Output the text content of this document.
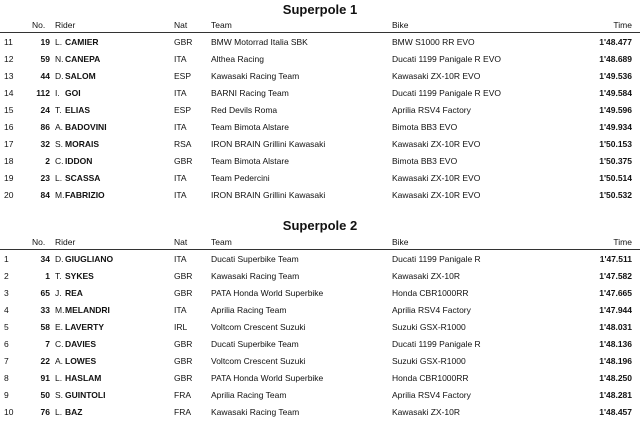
Superpole 1
No.	Rider	Nat	Team	Bike	Time
11	19 L. CAMIER	GBR	BMW Motorrad Italia SBK	BMW S1000 RR EVO	1'48.477
12	59 N. CANEPA	ITA	Althea Racing	Ducati 1199 Panigale R EVO	1'48.689
13	44 D. SALOM	ESP	Kawasaki Racing Team	Kawasaki ZX-10R EVO	1'49.536
14	112 I. GOI	ITA	BARNI Racing Team	Ducati 1199 Panigale R EVO	1'49.584
15	24 T. ELIAS	ESP	Red Devils Roma	Aprilia RSV4 Factory	1'49.596
16	86 A. BADOVINI	ITA	Team Bimota Alstare	Bimota BB3 EVO	1'49.934
17	32 S. MORAIS	RSA	IRON BRAIN Grillini Kawasaki	Kawasaki ZX-10R EVO	1'50.153
18	2 C. IDDON	GBR	Team Bimota Alstare	Bimota BB3 EVO	1'50.375
19	23 L. SCASSA	ITA	Team Pedercini	Kawasaki ZX-10R EVO	1'50.514
20	84 M. FABRIZIO	ITA	IRON BRAIN Grillini Kawasaki	Kawasaki ZX-10R EVO	1'50.532
Superpole 2
No.	Rider	Nat	Team	Bike	Time
1	34 D. GIUGLIANO	ITA	Ducati Superbike Team	Ducati 1199 Panigale R	1'47.511
2	1 T. SYKES	GBR	Kawasaki Racing Team	Kawasaki ZX-10R	1'47.582
3	65 J. REA	GBR	PATA Honda World Superbike	Honda CBR1000RR	1'47.665
4	33 M. MELANDRI	ITA	Aprilia Racing Team	Aprilia RSV4 Factory	1'47.944
5	58 E. LAVERTY	IRL	Voltcom Crescent Suzuki	Suzuki GSX-R1000	1'48.031
6	7 C. DAVIES	GBR	Ducati Superbike Team	Ducati 1199 Panigale R	1'48.136
7	22 A. LOWES	GBR	Voltcom Crescent Suzuki	Suzuki GSX-R1000	1'48.196
8	91 L. HASLAM	GBR	PATA Honda World Superbike	Honda CBR1000RR	1'48.250
9	50 S. GUINTOLI	FRA	Aprilia Racing Team	Aprilia RSV4 Factory	1'48.281
10	76 L. BAZ	FRA	Kawasaki Racing Team	Kawasaki ZX-10R	1'48.457
